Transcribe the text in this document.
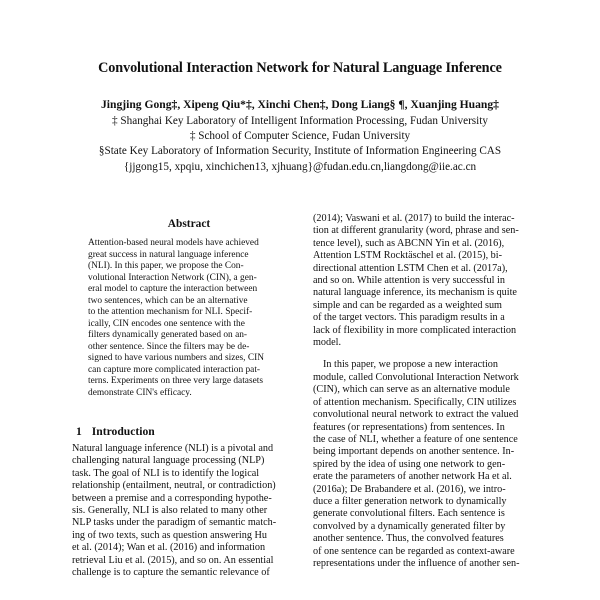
Convolutional Interaction Network for Natural Language Inference
Jingjing Gong‡, Xipeng Qiu*‡, Xinchi Chen‡, Dong Liang§ ¶, Xuanjing Huang‡
‡ Shanghai Key Laboratory of Intelligent Information Processing, Fudan University
‡ School of Computer Science, Fudan University
§State Key Laboratory of Information Security, Institute of Information Engineering CAS
{jjgong15, xpqiu, xinchichen13, xjhuang}@fudan.edu.cn,liangdong@iie.ac.cn
Abstract
Attention-based neural models have achieved
great success in natural language inference
(NLI). In this paper, we propose the Con-
volutional Interaction Network (CIN), a gen-
eral model to capture the interaction between
two sentences, which can be an alternative
to the attention mechanism for NLI. Specif-
ically, CIN encodes one sentence with the
filters dynamically generated based on an-
other sentence. Since the filters may be de-
signed to have various numbers and sizes, CIN
can capture more complicated interaction pat-
terns. Experiments on three very large datasets
demonstrate CIN's efficacy.
1 Introduction
Natural language inference (NLI) is a pivotal and
challenging natural language processing (NLP)
task. The goal of NLI is to identify the logical
relationship (entailment, neutral, or contradiction)
between a premise and a corresponding hypothe-
sis. Generally, NLI is also related to many other
NLP tasks under the paradigm of semantic match-
ing of two texts, such as question answering Hu
et al. (2014); Wan et al. (2016) and information
retrieval Liu et al. (2015), and so on. An essential
challenge is to capture the semantic relevance of
(2014); Vaswani et al. (2017) to build the interac-
tion at different granularity (word, phrase and sen-
tence level), such as ABCNN Yin et al. (2016),
Attention LSTM Rocktäschel et al. (2015), bi-
directional attention LSTM Chen et al. (2017a),
and so on. While attention is very successful in
natural language inference, its mechanism is quite
simple and can be regarded as a weighted sum
of the target vectors. This paradigm results in a
lack of flexibility in more complicated interaction
model.
In this paper, we propose a new interaction
module, called Convolutional Interaction Network
(CIN), which can serve as an alternative module
of attention mechanism. Specifically, CIN utilizes
convolutional neural network to extract the valued
features (or representations) from sentences. In
the case of NLI, whether a feature of one sentence
being important depends on another sentence. In-
spired by the idea of using one network to gen-
erate the parameters of another network Ha et al.
(2016a); De Brabandere et al. (2016), we intro-
duce a filter generation network to dynamically
generate convolutional filters. Each sentence is
convolved by a dynamically generated filter by
another sentence. Thus, the convolved features
of one sentence can be regarded as context-aware
representations under the influence of another sen-
